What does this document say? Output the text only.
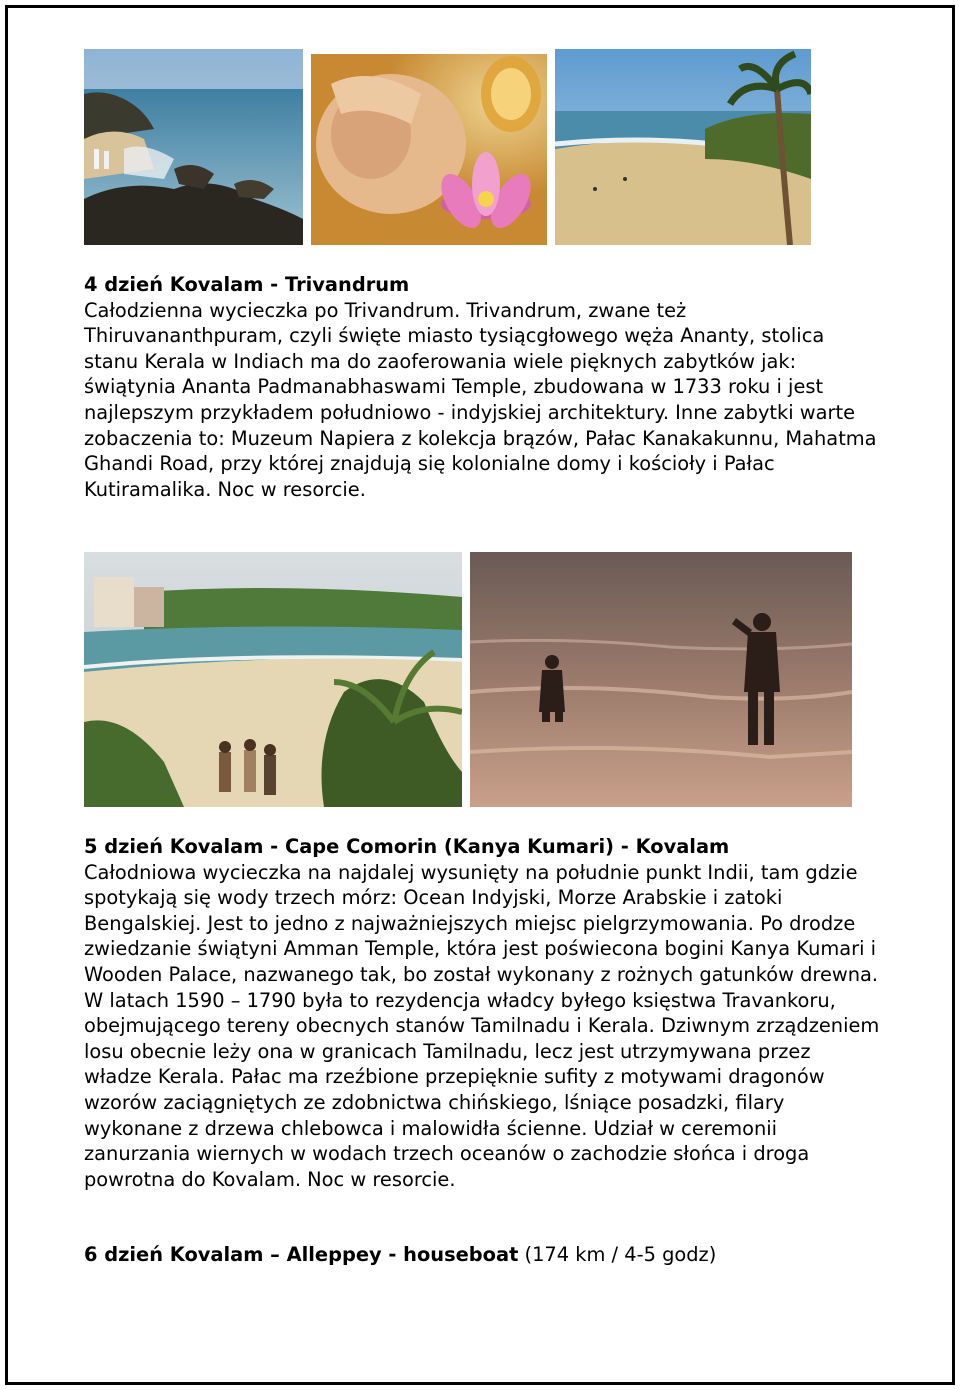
4 dzień Kovalam - Trivandrum

Całodzienna wycieczka po Trivandrum. Trivandrum, zwane też Thiruvananthpuram, czyli święte miasto tysiącgłowego węża Ananty, stolica stanu Kerala w Indiach ma do zaoferowania wiele pięknych zabytków jak: świątynia Ananta Padmanabhaswami Temple, zbudowana w 1733 roku i jest najlepszym przykładem południowo - indyjskiej architektury. Inne zabytki warte zobaczenia to: Muzeum Napiera z kolekcja brązów, Pałac Kanakakunnu, Mahatma Ghandi Road, przy której znajdują się kolonialne domy i kościoły i Pałac Kutiramalika. Noc w resorcie.

5 dzień Kovalam - Cape Comorin (Kanya Kumari) - Kovalam

Całodniowa wycieczka na najdalej wysunięty na południe punkt Indii, tam gdzie spotykają się wody trzech mórz: Ocean Indyjski, Morze Arabskie i zatoki Bengalskiej. Jest to jedno z najważniejszych miejsc pielgrzymowania. Po drodze zwiedzanie świątyni Amman Temple, która jest poświecona bogini Kanya Kumari i Wooden Palace, nazwanego tak, bo został wykonany z rożnych gatunków drewna. W latach 1590 – 1790 była to rezydencja władcy byłego księstwa Travankoru, obejmującego tereny obecnych stanów Tamilnadu i Kerala. Dziwnym zrządzeniem losu obecnie leży ona w granicach Tamilnadu, lecz jest utrzymywana przez władze Kerala. Pałac ma rzeźbione przepięknie sufity z motywami dragonów wzorów zaciągniętych ze zdobnictwa chińskiego, lśniące posadzki, filary wykonane z drzewa chlebowca i malowidła ścienne. Udział w ceremonii zanurzania wiernych w wodach trzech oceanów o zachodzie słońca i droga powrotna do Kovalam. Noc w resorcie.

6 dzień Kovalam – Alleppey - houseboat (174 km / 4-5 godz)
